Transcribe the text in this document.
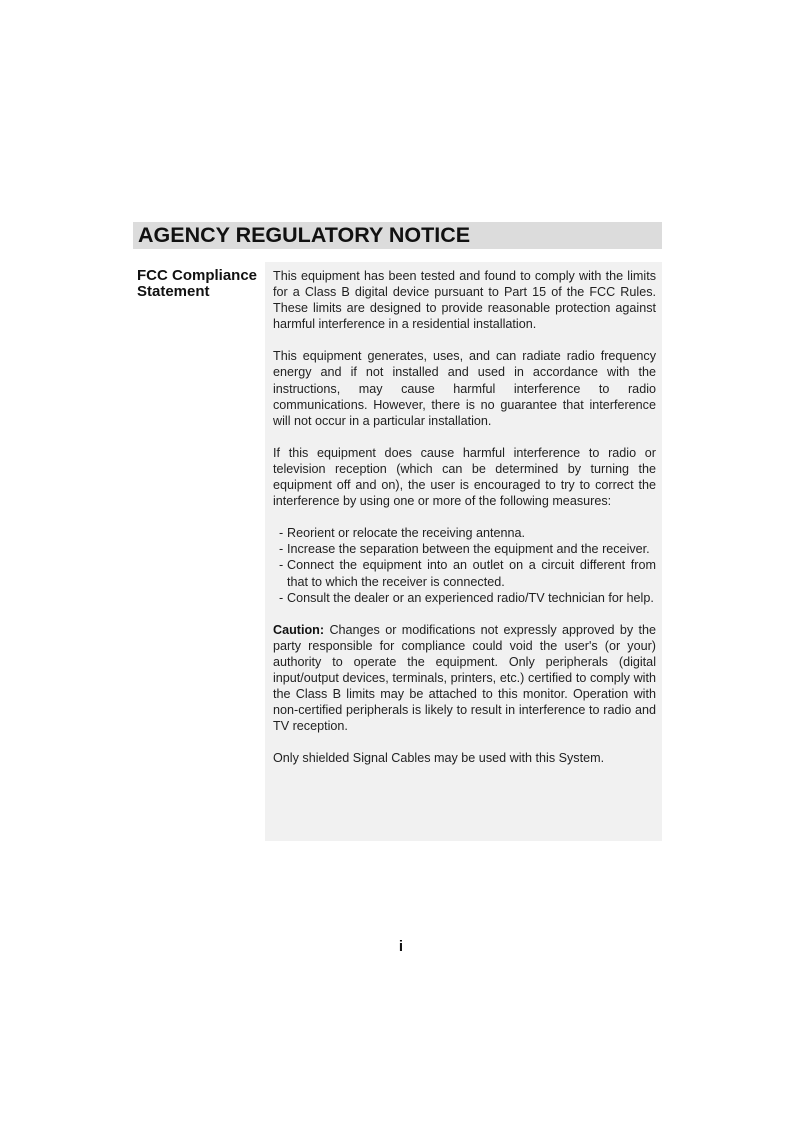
AGENCY REGULATORY NOTICE
FCC Compliance
Statement

This equipment has been tested and found to comply with the limits for a Class B digital device pursuant to Part 15 of the FCC Rules. These limits are designed to provide reasonable protection against harmful interference in a residential installation.

This equipment generates, uses, and can radiate radio frequency energy and if not installed and used in accordance with the instructions, may cause harmful interference to radio communications. However, there is no guarantee that interference will not occur in a particular installation.

If this equipment does cause harmful interference to radio or television reception (which can be determined by turning the equipment off and on), the user is encouraged to try to correct the interference by using one or more of the following measures:

- Reorient or relocate the receiving antenna.
- Increase the separation between the equipment and the receiver.
- Connect the equipment into an outlet on a circuit different from that to which the receiver is connected.
- Consult the dealer or an experienced radio/TV technician for help.

Caution: Changes or modifications not expressly approved by the party responsible for compliance could void the user's (or your) authority to operate the equipment. Only peripherals (digital input/output devices, terminals, printers, etc.) certified to comply with the Class B limits may be attached to this monitor. Operation with non-certified peripherals is likely to result in interference to radio and TV reception.

Only shielded Signal Cables may be used with this System.

i
